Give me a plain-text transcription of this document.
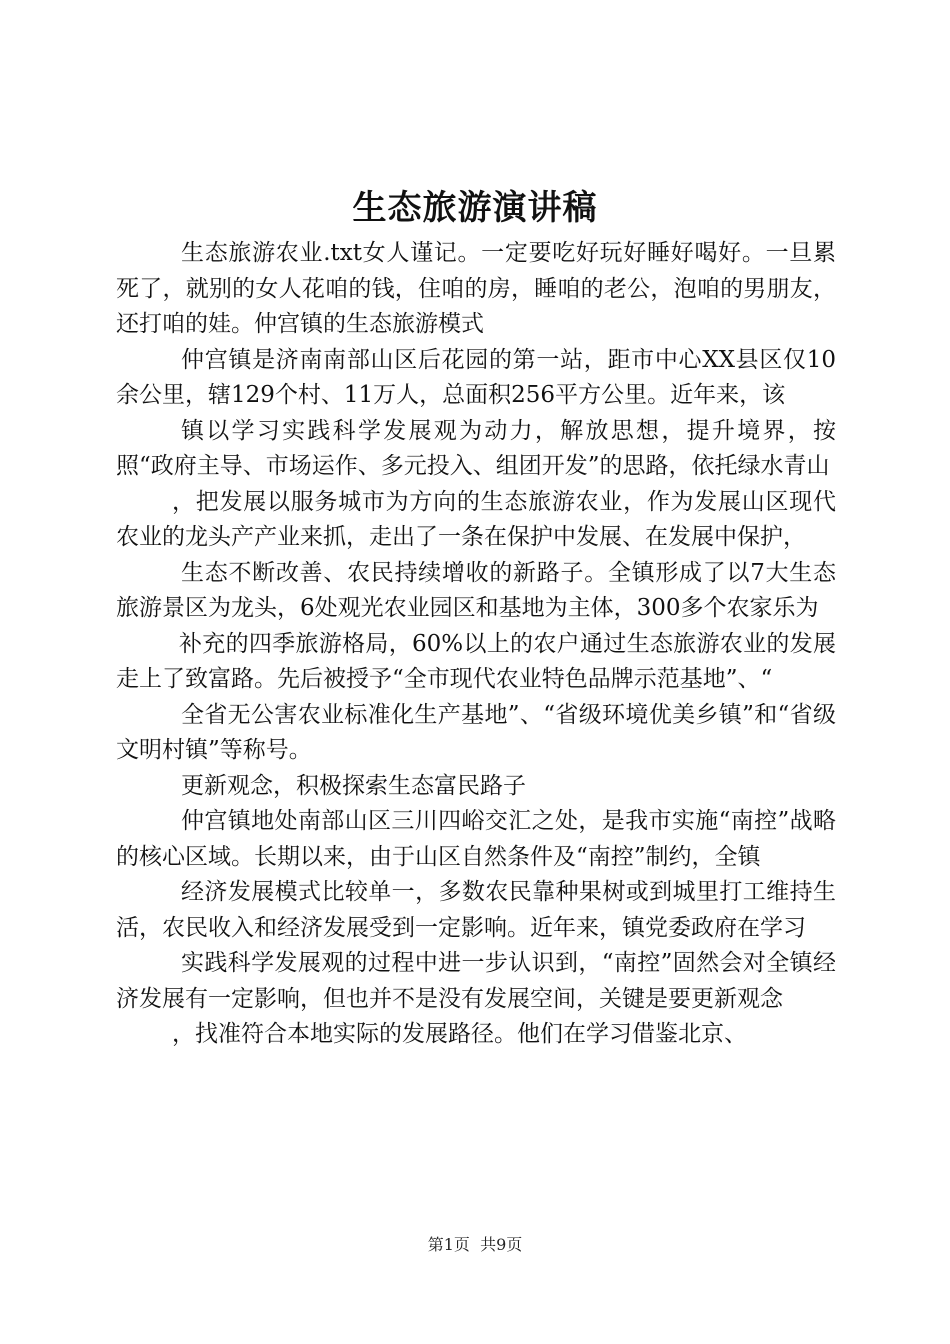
生态旅游演讲稿

生态旅游农业.txt女人谨记。一定要吃好玩好睡好喝好。一旦累死了，就别的女人花咱的钱，住咱的房，睡咱的老公，泡咱的男朋友，还打咱的娃。仲宫镇的生态旅游模式

仲宫镇是济南南部山区后花园的第一站，距市中心XX县区仅10余公里，辖129个村、11万人，总面积256平方公里。近年来，该

镇以学习实践科学发展观为动力，解放思想，提升境界，按照“政府主导、市场运作、多元投入、组团开发”的思路，依托绿水青山

，把发展以服务城市为方向的生态旅游农业，作为发展山区现代农业的龙头产产业来抓，走出了一条在保护中发展、在发展中保护，

生态不断改善、农民持续增收的新路子。全镇形成了以7大生态旅游景区为龙头，6处观光农业园区和基地为主体，300多个农家乐为

补充的四季旅游格局，60%以上的农户通过生态旅游农业的发展走上了致富路。先后被授予“全市现代农业特色品牌示范基地”、“

全省无公害农业标准化生产基地”、“省级环境优美乡镇”和“省级文明村镇”等称号。

更新观念，积极探索生态富民路子

仲宫镇地处南部山区三川四峪交汇之处，是我市实施“南控”战略的核心区域。长期以来，由于山区自然条件及“南控”制约，全镇

经济发展模式比较单一，多数农民靠种果树或到城里打工维持生活，农民收入和经济发展受到一定影响。近年来，镇党委政府在学习

实践科学发展观的过程中进一步认识到，“南控”固然会对全镇经济发展有一定影响，但也并不是没有发展空间，关键是要更新观念

，找准符合本地实际的发展路径。他们在学习借鉴北京、

第1页  共9页
